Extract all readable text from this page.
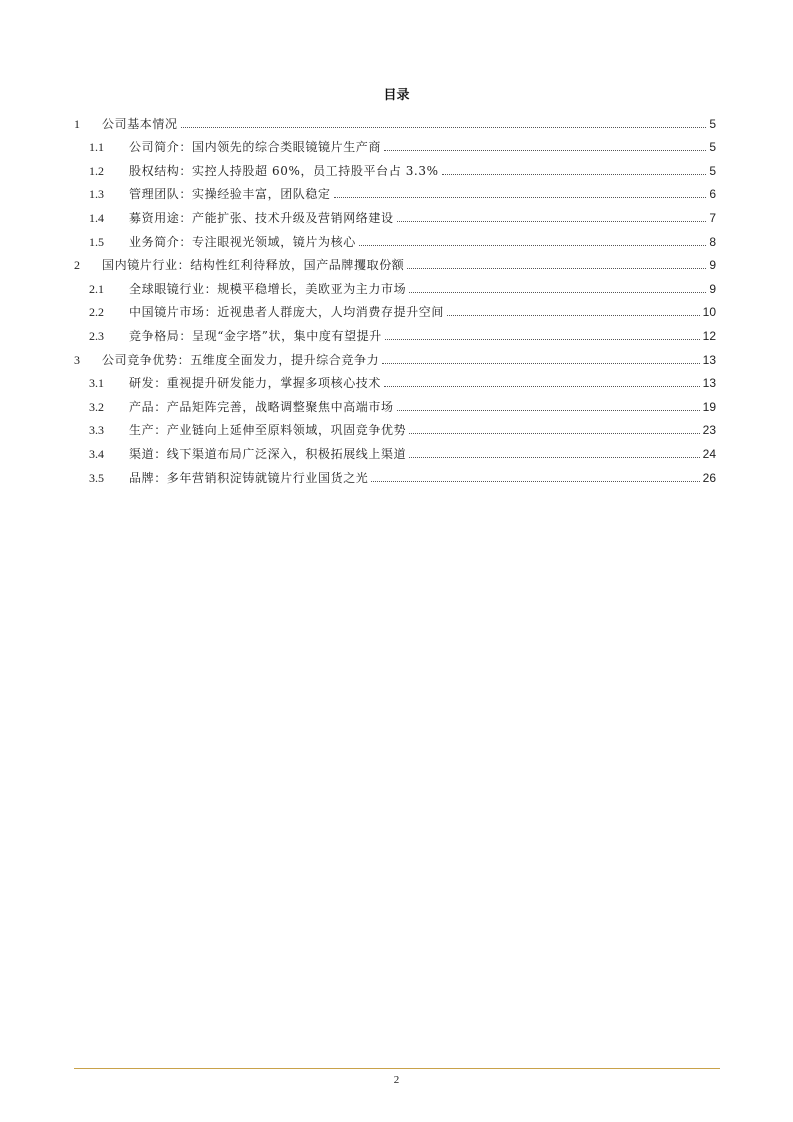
目录
1	公司基本情况	5
1.1	公司简介：国内领先的综合类眼镜镜片生产商	5
1.2	股权结构：实控人持股超 60%，员工持股平台占 3.3%	5
1.3	管理团队：实操经验丰富，团队稳定	6
1.4	募资用途：产能扩张、技术升级及营销网络建设	7
1.5	业务简介：专注眼视光领域，镜片为核心	8
2	国内镜片行业：结构性红利待释放，国产品牌攫取份额	9
2.1	全球眼镜行业：规模平稳增长，美欧亚为主力市场	9
2.2	中国镜片市场：近视患者人群庞大，人均消费存提升空间	10
2.3	竞争格局：呈现“金字塔”状，集中度有望提升	12
3	公司竞争优势：五维度全面发力，提升综合竞争力	13
3.1	研发：重视提升研发能力，掌握多项核心技术	13
3.2	产品：产品矩阵完善，战略调整聚焦中高端市场	19
3.3	生产：产业链向上延伸至原料领域，巩固竞争优势	23
3.4	渠道：线下渠道布局广泛深入，积极拓展线上渠道	24
3.5	品牌：多年营销积淀铸就镜片行业国货之光	26
2
